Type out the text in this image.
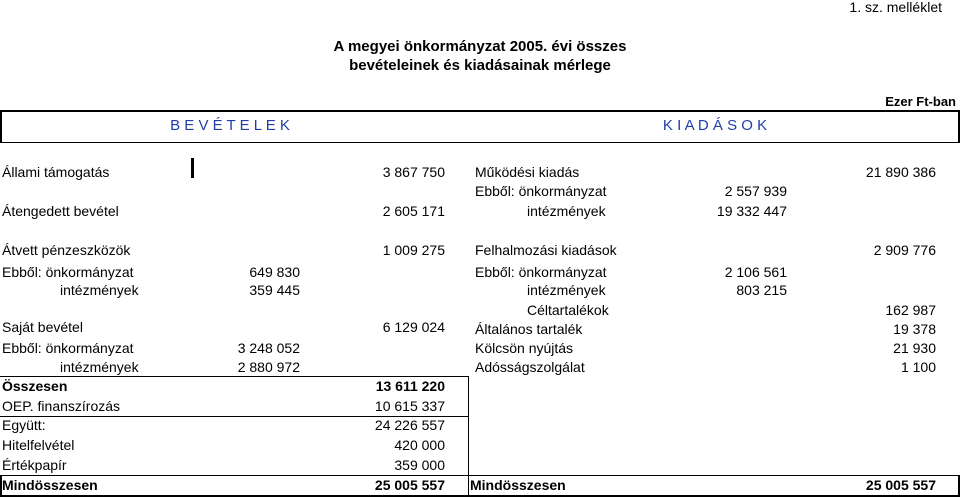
1. sz. melléklet
A megyei önkormányzat 2005. évi összes
bevételeinek és kiadásainak mérlege
Ezer Ft-ban
B E V É T E L E K	K I A D Á S O K
Állami támogatás	3 867 750
Átengedett bevétel	2 605 171
Átvett pénzeszközök	1 009 275
Ebből: önkormányzat	649 830
intézmények	359 445
Saját bevétel	6 129 024
Ebből: önkormányzat	3 248 052
intézmények	2 880 972
Összesen	13 611 220
OEP. finanszírozás	10 615 337
Együtt:	24 226 557
Hitelfelvétel	420 000
Értékpapír	359 000
Mindösszesen	25 005 557
Működési kiadás	21 890 386
Ebből: önkormányzat	2 557 939
intézmények	19 332 447
Felhalmozási kiadások	2 909 776
Ebből: önkormányzat	2 106 561
intézmények	803 215
Céltartalékok	162 987
Általános tartalék	19 378
Kölcsön nyújtás	21 930
Adósságszolgálat	1 100
Mindösszesen	25 005 557
